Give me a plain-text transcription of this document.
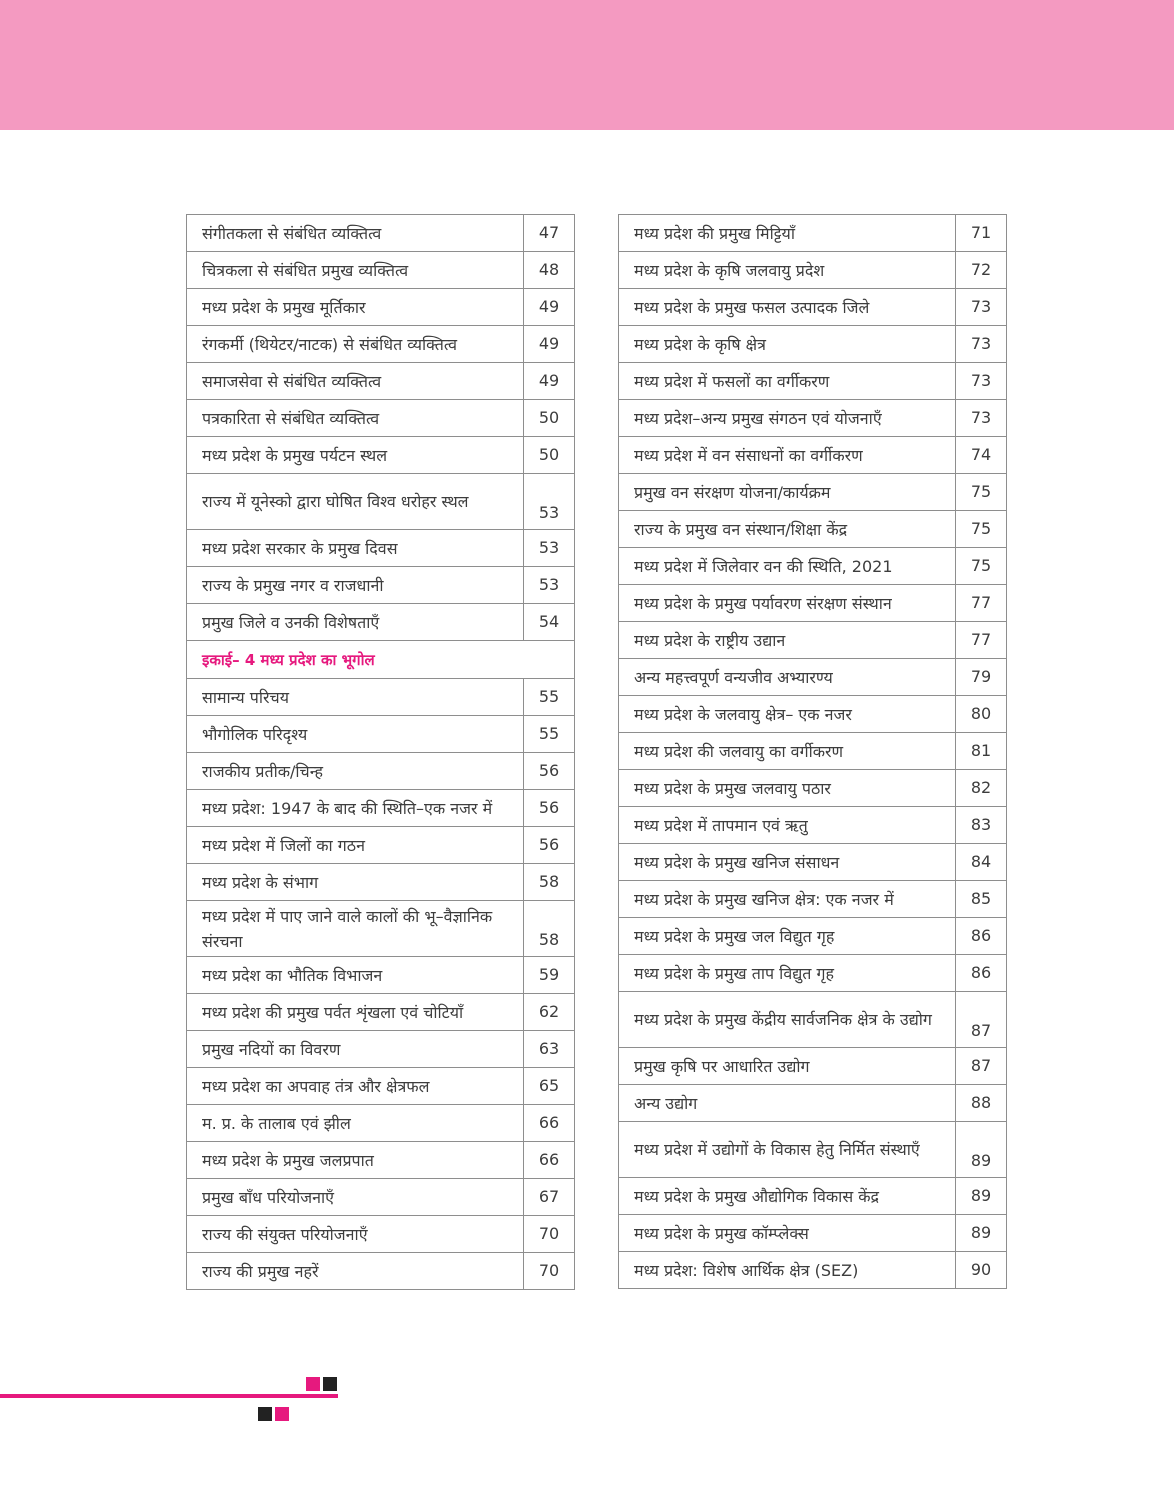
संगीतकला से संबंधित व्यक्तित्व	47
चित्रकला से संबंधित प्रमुख व्यक्तित्व	48
मध्य प्रदेश के प्रमुख मूर्तिकार	49
रंगकर्मी (थियेटर/नाटक) से संबंधित व्यक्तित्व	49
समाजसेवा से संबंधित व्यक्तित्व	49
पत्रकारिता से संबंधित व्यक्तित्व	50
मध्य प्रदेश के प्रमुख पर्यटन स्थल	50
राज्य में यूनेस्को द्वारा घोषित विश्व धरोहर स्थल	53
मध्य प्रदेश सरकार के प्रमुख दिवस	53
राज्य के प्रमुख नगर व राजधानी	53
प्रमुख जिले व उनकी विशेषताएँ	54
इकाई– 4 मध्य प्रदेश का भूगोल	
सामान्य परिचय	55
भौगोलिक परिदृश्य	55
राजकीय प्रतीक/चिन्ह	56
मध्य प्रदेश: 1947 के बाद की स्थिति–एक नजर में	56
मध्य प्रदेश में जिलों का गठन	56
मध्य प्रदेश के संभाग	58
मध्य प्रदेश में पाए जाने वाले कालों की भू–वैज्ञानिक संरचना	58
मध्य प्रदेश का भौतिक विभाजन	59
मध्य प्रदेश की प्रमुख पर्वत शृंखला एवं चोटियाँ	62
प्रमुख नदियों का विवरण	63
मध्य प्रदेश का अपवाह तंत्र और क्षेत्रफल	65
म. प्र. के तालाब एवं झील	66
मध्य प्रदेश के प्रमुख जलप्रपात	66
प्रमुख बाँध परियोजनाएँ	67
राज्य की संयुक्त परियोजनाएँ	70
राज्य की प्रमुख नहरें	70
मध्य प्रदेश की प्रमुख मिट्टियाँ	71
मध्य प्रदेश के कृषि जलवायु प्रदेश	72
मध्य प्रदेश के प्रमुख फसल उत्पादक जिले	73
मध्य प्रदेश के कृषि क्षेत्र	73
मध्य प्रदेश में फसलों का वर्गीकरण	73
मध्य प्रदेश–अन्य प्रमुख संगठन एवं योजनाएँ	73
मध्य प्रदेश में वन संसाधनों का वर्गीकरण	74
प्रमुख वन संरक्षण योजना/कार्यक्रम	75
राज्य के प्रमुख वन संस्थान/शिक्षा केंद्र	75
मध्य प्रदेश में जिलेवार वन की स्थिति, 2021	75
मध्य प्रदेश के प्रमुख पर्यावरण संरक्षण संस्थान	77
मध्य प्रदेश के राष्ट्रीय उद्यान	77
अन्य महत्त्वपूर्ण वन्यजीव अभ्यारण्य	79
मध्य प्रदेश के जलवायु क्षेत्र– एक नजर	80
मध्य प्रदेश की जलवायु का वर्गीकरण	81
मध्य प्रदेश के प्रमुख जलवायु पठार	82
मध्य प्रदेश में तापमान एवं ऋतु	83
मध्य प्रदेश के प्रमुख खनिज संसाधन	84
मध्य प्रदेश के प्रमुख खनिज क्षेत्र: एक नजर में	85
मध्य प्रदेश के प्रमुख जल विद्युत गृह	86
मध्य प्रदेश के प्रमुख ताप विद्युत गृह	86
मध्य प्रदेश के प्रमुख केंद्रीय सार्वजनिक क्षेत्र के उद्योग	87
प्रमुख कृषि पर आधारित उद्योग	87
अन्य उद्योग	88
मध्य प्रदेश में उद्योगों के विकास हेतु निर्मित संस्थाएँ	89
मध्य प्रदेश के प्रमुख औद्योगिक विकास केंद्र	89
मध्य प्रदेश के प्रमुख कॉम्प्लेक्स	89
मध्य प्रदेश: विशेष आर्थिक क्षेत्र (SEZ)	90
